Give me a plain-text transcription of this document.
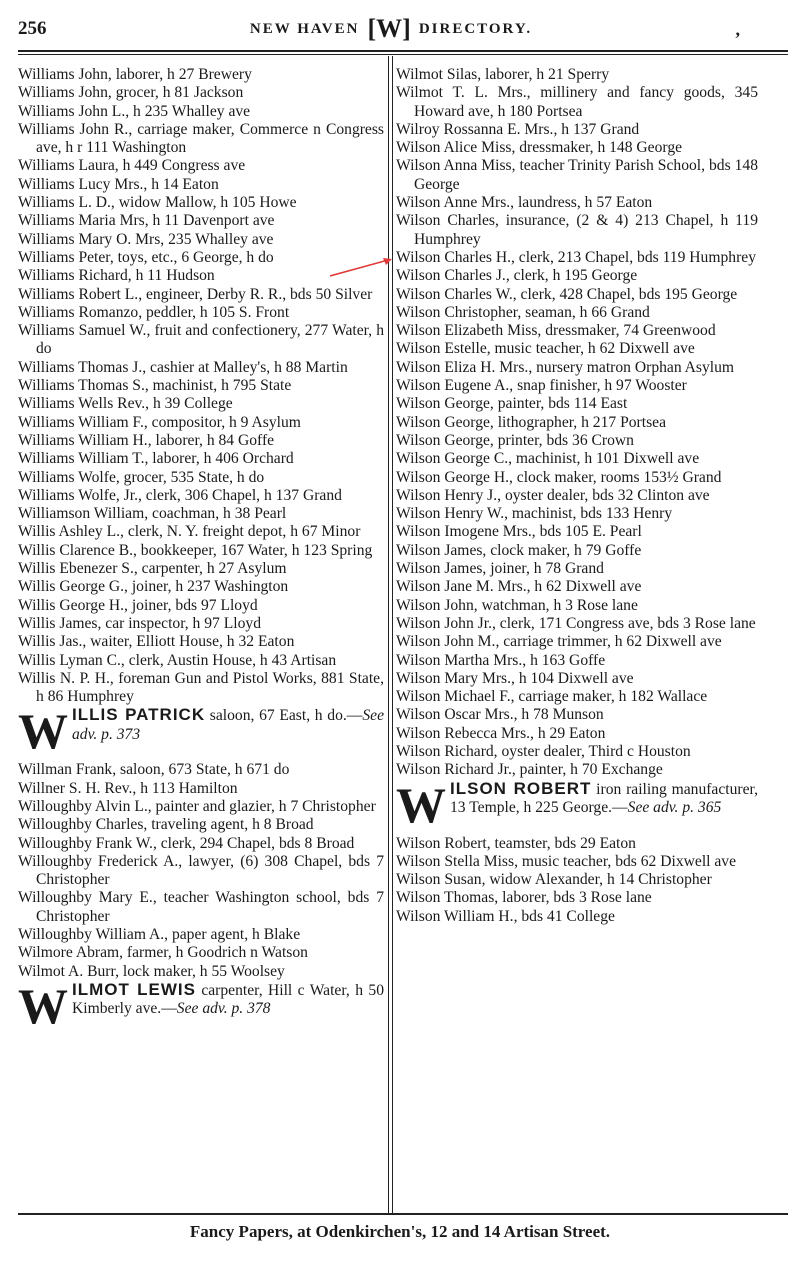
256	NEW HAVEN [W] DIRECTORY.	,

Williams John, laborer, h 27 Brewery

Williams John, grocer, h 81 Jackson

Williams John L., h 235 Whalley ave

Williams John R., carriage maker, Commerce n Congress ave, h r 111 Washington

Williams Laura, h 449 Congress ave

Williams Lucy Mrs., h 14 Eaton

Williams L. D., widow Mallow, h 105 Howe

Williams Maria Mrs, h 11 Davenport ave

Williams Mary O. Mrs, 235 Whalley ave

Williams Peter, toys, etc., 6 George, h do

Williams Richard, h 11 Hudson

Williams Robert L., engineer, Derby R. R., bds 50 Silver

Williams Romanzo, peddler, h 105 S. Front

Williams Samuel W., fruit and confectionery, 277 Water, h do

Williams Thomas J., cashier at Malley's, h 88 Martin

Williams Thomas S., machinist, h 795 State

Williams Wells Rev., h 39 College

Williams William F., compositor, h 9 Asylum

Williams William H., laborer, h 84 Goffe

Williams William T., laborer, h 406 Orchard

Williams Wolfe, grocer, 535 State, h do

Williams Wolfe, Jr., clerk, 306 Chapel, h 137 Grand

Williamson William, coachman, h 38 Pearl

Willis Ashley L., clerk, N. Y. freight depot, h 67 Minor

Willis Clarence B., bookkeeper, 167 Water, h 123 Spring

Willis Ebenezer S., carpenter, h 27 Asylum

Willis George G., joiner, h 237 Washington

Willis George H., joiner, bds 97 Lloyd

Willis James, car inspector, h 97 Lloyd

Willis Jas., waiter, Elliott House, h 32 Eaton

Willis Lyman C., clerk, Austin House, h 43 Artisan

Willis N. P. H., foreman Gun and Pistol Works, 881 State, h 86 Humphrey

WILLIS PATRICK saloon, 67 East, h do.—See adv. p. 373

Willman Frank, saloon, 673 State, h 671 do

Willner S. H. Rev., h 113 Hamilton

Willoughby Alvin L., painter and glazier, h 7 Christopher

Willoughby Charles, traveling agent, h 8 Broad

Willoughby Frank W., clerk, 294 Chapel, bds 8 Broad

Willoughby Frederick A., lawyer, (6) 308 Chapel, bds 7 Christopher

Willoughby Mary E., teacher Washington school, bds 7 Christopher

Willoughby William A., paper agent, h Blake

Wilmore Abram, farmer, h Goodrich n Watson

Wilmot A. Burr, lock maker, h 55 Woolsey

WILMOT LEWIS carpenter, Hill c Water, h 50 Kimberly ave.—See adv. p. 378

Wilmot Silas, laborer, h 21 Sperry

Wilmot T. L. Mrs., millinery and fancy goods, 345 Howard ave, h 180 Portsea

Wilroy Rossanna E. Mrs., h 137 Grand

Wilson Alice Miss, dressmaker, h 148 George

Wilson Anna Miss, teacher Trinity Parish School, bds 148 George

Wilson Anne Mrs., laundress, h 57 Eaton

Wilson Charles, insurance, (2 & 4) 213 Chapel, h 119 Humphrey

Wilson Charles H., clerk, 213 Chapel, bds 119 Humphrey

Wilson Charles J., clerk, h 195 George

Wilson Charles W., clerk, 428 Chapel, bds 195 George

Wilson Christopher, seaman, h 66 Grand

Wilson Elizabeth Miss, dressmaker, 74 Greenwood

Wilson Estelle, music teacher, h 62 Dixwell ave

Wilson Eliza H. Mrs., nursery matron Orphan Asylum

Wilson Eugene A., snap finisher, h 97 Wooster

Wilson George, painter, bds 114 East

Wilson George, lithographer, h 217 Portsea

Wilson George, printer, bds 36 Crown

Wilson George C., machinist, h 101 Dixwell ave

Wilson George H., clock maker, rooms 153½ Grand

Wilson Henry J., oyster dealer, bds 32 Clinton ave

Wilson Henry W., machinist, bds 133 Henry

Wilson Imogene Mrs., bds 105 E. Pearl

Wilson James, clock maker, h 79 Goffe

Wilson James, joiner, h 78 Grand

Wilson Jane M. Mrs., h 62 Dixwell ave

Wilson John, watchman, h 3 Rose lane

Wilson John Jr., clerk, 171 Congress ave, bds 3 Rose lane

Wilson John M., carriage trimmer, h 62 Dixwell ave

Wilson Martha Mrs., h 163 Goffe

Wilson Mary Mrs., h 104 Dixwell ave

Wilson Michael F., carriage maker, h 182 Wallace

Wilson Oscar Mrs., h 78 Munson

Wilson Rebecca Mrs., h 29 Eaton

Wilson Richard, oyster dealer, Third c Houston

Wilson Richard Jr., painter, h 70 Exchange

WILSON ROBERT iron railing manufacturer, 13 Temple, h 225 George.—See adv. p. 365

Wilson Robert, teamster, bds 29 Eaton

Wilson Stella Miss, music teacher, bds 62 Dixwell ave

Wilson Susan, widow Alexander, h 14 Christopher

Wilson Thomas, laborer, bds 3 Rose lane

Wilson William H., bds 41 College

Fancy Papers, at Odenkirchen's, 12 and 14 Artisan Street.
